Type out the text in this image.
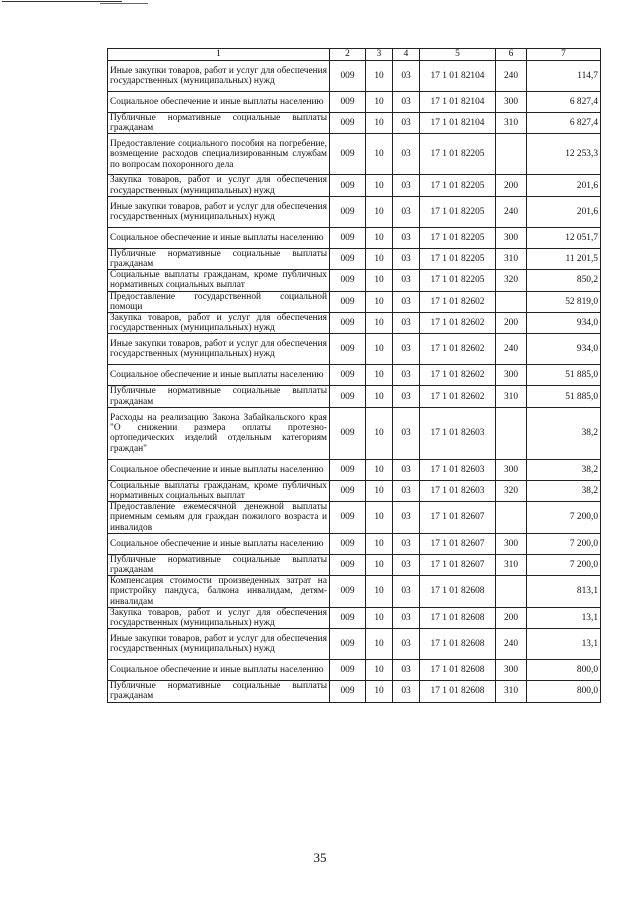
1	2	3	4	5	6	7
Иные закупки товаров, работ и услуг для обеспечения государственных (муниципальных) нужд	009	10	03	17 1 01 82104	240	114,7
Социальное обеспечение и иные выплаты населению	009	10	03	17 1 01 82104	300	6 827,4
Публичные нормативные социальные выплаты гражданам	009	10	03	17 1 01 82104	310	6 827,4
Предоставление социального пособия на погребение, возмещение расходов специализированным службам по вопросам похоронного дела	009	10	03	17 1 01 82205		12 253,3
Закупка товаров, работ и услуг для обеспечения государственных (муниципальных) нужд	009	10	03	17 1 01 82205	200	201,6
Иные закупки товаров, работ и услуг для обеспечения государственных (муниципальных) нужд	009	10	03	17 1 01 82205	240	201,6
Социальное обеспечение и иные выплаты населению	009	10	03	17 1 01 82205	300	12 051,7
Публичные нормативные социальные выплаты гражданам	009	10	03	17 1 01 82205	310	11 201,5
Социальные выплаты гражданам, кроме публичных нормативных социальных выплат	009	10	03	17 1 01 82205	320	850,2
Предоставление государственной социальной помощи	009	10	03	17 1 01 82602		52 819,0
Закупка товаров, работ и услуг для обеспечения государственных (муниципальных) нужд	009	10	03	17 1 01 82602	200	934,0
Иные закупки товаров, работ и услуг для обеспечения государственных (муниципальных) нужд	009	10	03	17 1 01 82602	240	934,0
Социальное обеспечение и иные выплаты населению	009	10	03	17 1 01 82602	300	51 885,0
Публичные нормативные социальные выплаты гражданам	009	10	03	17 1 01 82602	310	51 885,0
Расходы на реализацию Закона Забайкальского края "О снижении размера оплаты протезно-ортопедических изделий отдельным категориям граждан"	009	10	03	17 1 01 82603		38,2
Социальное обеспечение и иные выплаты населению	009	10	03	17 1 01 82603	300	38,2
Социальные выплаты гражданам, кроме публичных нормативных социальных выплат	009	10	03	17 1 01 82603	320	38,2
Предоставление ежемесячной денежной выплаты приемным семьям для граждан пожилого возраста и инвалидов	009	10	03	17 1 01 82607		7 200,0
Социальное обеспечение и иные выплаты населению	009	10	03	17 1 01 82607	300	7 200,0
Публичные нормативные социальные выплаты гражданам	009	10	03	17 1 01 82607	310	7 200,0
Компенсация стоимости произведенных затрат на пристройку пандуса, балкона инвалидам, детям-инвалидам	009	10	03	17 1 01 82608		813,1
Закупка товаров, работ и услуг для обеспечения государственных (муниципальных) нужд	009	10	03	17 1 01 82608	200	13,1
Иные закупки товаров, работ и услуг для обеспечения государственных (муниципальных) нужд	009	10	03	17 1 01 82608	240	13,1
Социальное обеспечение и иные выплаты населению	009	10	03	17 1 01 82608	300	800,0
Публичные нормативные социальные выплаты гражданам	009	10	03	17 1 01 82608	310	800,0
35
